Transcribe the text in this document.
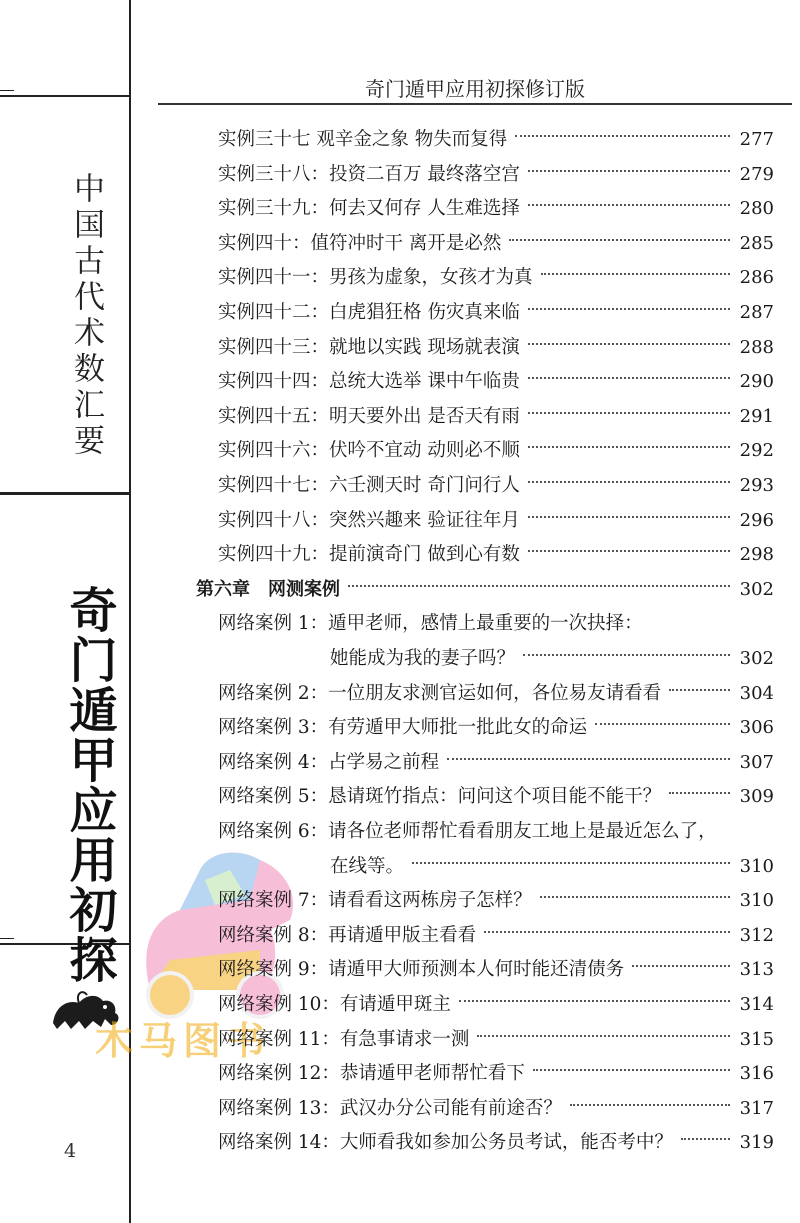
中国古代术数汇要
奇门遁甲应用初探
4
奇门遁甲应用初探修订版
木马图书
实例三十七 观辛金之象 物失而复得	277
实例三十八：投资二百万 最终落空宫	279
实例三十九：何去又何存 人生难选择	280
实例四十：值符冲时干 离开是必然	285
实例四十一：男孩为虚象，女孩才为真	286
实例四十二：白虎猖狂格 伤灾真来临	287
实例四十三：就地以实践 现场就表演	288
实例四十四：总统大选举 课中午临贵	290
实例四十五：明天要外出 是否天有雨	291
实例四十六：伏吟不宜动 动则必不顺	292
实例四十七：六壬测天时 奇门问行人	293
实例四十八：突然兴趣来 验证往年月	296
实例四十九：提前演奇门 做到心有数	298
第六章　网测案例	302
网络案例 1：遁甲老师，感情上最重要的一次抉择：
她能成为我的妻子吗？	302
网络案例 2：一位朋友求测官运如何，各位易友请看看	304
网络案例 3：有劳遁甲大师批一批此女的命运	306
网络案例 4：占学易之前程	307
网络案例 5：恳请斑竹指点：问问这个项目能不能干？	309
网络案例 6：请各位老师帮忙看看朋友工地上是最近怎么了，
在线等。	310
网络案例 7：请看看这两栋房子怎样？	310
网络案例 8：再请遁甲版主看看	312
网络案例 9：请遁甲大师预测本人何时能还清债务	313
网络案例 10：有请遁甲斑主	314
网络案例 11：有急事请求一测	315
网络案例 12：恭请遁甲老师帮忙看下	316
网络案例 13：武汉办分公司能有前途否？	317
网络案例 14：大师看我如参加公务员考试，能否考中？	319
